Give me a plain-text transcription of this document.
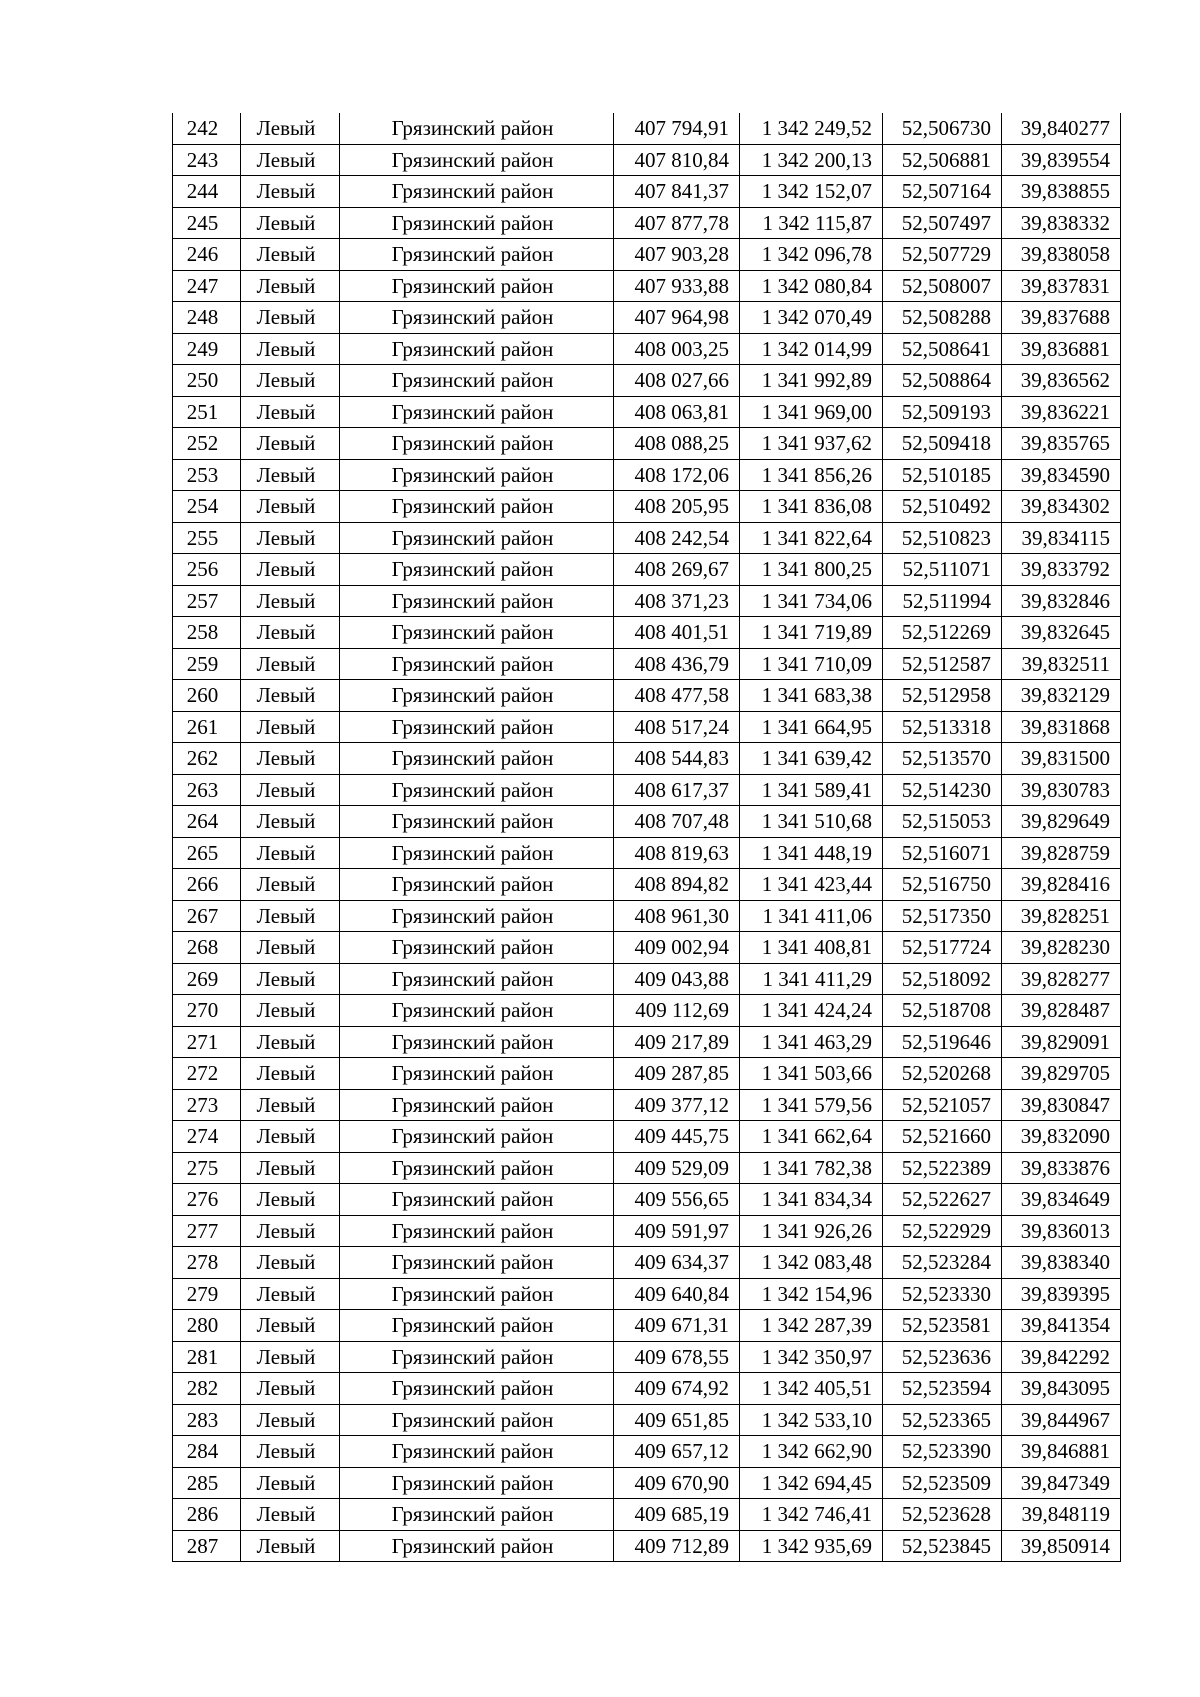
242	Левый	Грязинский район	407 794,91	1 342 249,52	52,506730	39,840277
243	Левый	Грязинский район	407 810,84	1 342 200,13	52,506881	39,839554
244	Левый	Грязинский район	407 841,37	1 342 152,07	52,507164	39,838855
245	Левый	Грязинский район	407 877,78	1 342 115,87	52,507497	39,838332
246	Левый	Грязинский район	407 903,28	1 342 096,78	52,507729	39,838058
247	Левый	Грязинский район	407 933,88	1 342 080,84	52,508007	39,837831
248	Левый	Грязинский район	407 964,98	1 342 070,49	52,508288	39,837688
249	Левый	Грязинский район	408 003,25	1 342 014,99	52,508641	39,836881
250	Левый	Грязинский район	408 027,66	1 341 992,89	52,508864	39,836562
251	Левый	Грязинский район	408 063,81	1 341 969,00	52,509193	39,836221
252	Левый	Грязинский район	408 088,25	1 341 937,62	52,509418	39,835765
253	Левый	Грязинский район	408 172,06	1 341 856,26	52,510185	39,834590
254	Левый	Грязинский район	408 205,95	1 341 836,08	52,510492	39,834302
255	Левый	Грязинский район	408 242,54	1 341 822,64	52,510823	39,834115
256	Левый	Грязинский район	408 269,67	1 341 800,25	52,511071	39,833792
257	Левый	Грязинский район	408 371,23	1 341 734,06	52,511994	39,832846
258	Левый	Грязинский район	408 401,51	1 341 719,89	52,512269	39,832645
259	Левый	Грязинский район	408 436,79	1 341 710,09	52,512587	39,832511
260	Левый	Грязинский район	408 477,58	1 341 683,38	52,512958	39,832129
261	Левый	Грязинский район	408 517,24	1 341 664,95	52,513318	39,831868
262	Левый	Грязинский район	408 544,83	1 341 639,42	52,513570	39,831500
263	Левый	Грязинский район	408 617,37	1 341 589,41	52,514230	39,830783
264	Левый	Грязинский район	408 707,48	1 341 510,68	52,515053	39,829649
265	Левый	Грязинский район	408 819,63	1 341 448,19	52,516071	39,828759
266	Левый	Грязинский район	408 894,82	1 341 423,44	52,516750	39,828416
267	Левый	Грязинский район	408 961,30	1 341 411,06	52,517350	39,828251
268	Левый	Грязинский район	409 002,94	1 341 408,81	52,517724	39,828230
269	Левый	Грязинский район	409 043,88	1 341 411,29	52,518092	39,828277
270	Левый	Грязинский район	409 112,69	1 341 424,24	52,518708	39,828487
271	Левый	Грязинский район	409 217,89	1 341 463,29	52,519646	39,829091
272	Левый	Грязинский район	409 287,85	1 341 503,66	52,520268	39,829705
273	Левый	Грязинский район	409 377,12	1 341 579,56	52,521057	39,830847
274	Левый	Грязинский район	409 445,75	1 341 662,64	52,521660	39,832090
275	Левый	Грязинский район	409 529,09	1 341 782,38	52,522389	39,833876
276	Левый	Грязинский район	409 556,65	1 341 834,34	52,522627	39,834649
277	Левый	Грязинский район	409 591,97	1 341 926,26	52,522929	39,836013
278	Левый	Грязинский район	409 634,37	1 342 083,48	52,523284	39,838340
279	Левый	Грязинский район	409 640,84	1 342 154,96	52,523330	39,839395
280	Левый	Грязинский район	409 671,31	1 342 287,39	52,523581	39,841354
281	Левый	Грязинский район	409 678,55	1 342 350,97	52,523636	39,842292
282	Левый	Грязинский район	409 674,92	1 342 405,51	52,523594	39,843095
283	Левый	Грязинский район	409 651,85	1 342 533,10	52,523365	39,844967
284	Левый	Грязинский район	409 657,12	1 342 662,90	52,523390	39,846881
285	Левый	Грязинский район	409 670,90	1 342 694,45	52,523509	39,847349
286	Левый	Грязинский район	409 685,19	1 342 746,41	52,523628	39,848119
287	Левый	Грязинский район	409 712,89	1 342 935,69	52,523845	39,850914
